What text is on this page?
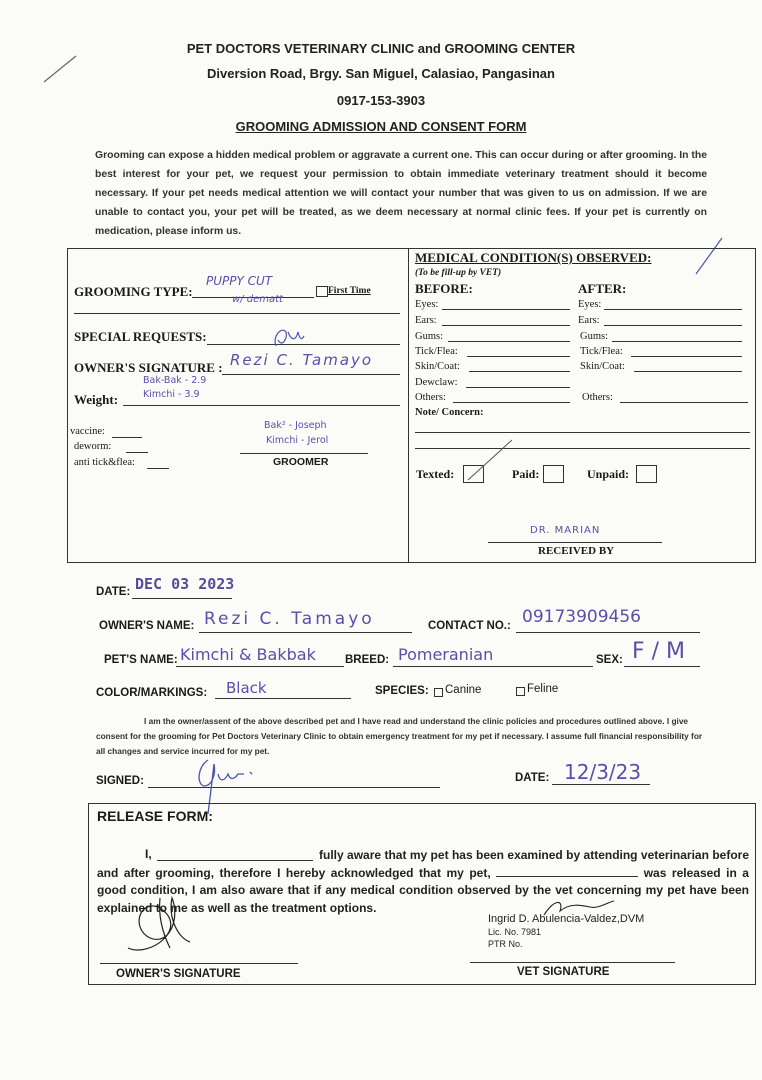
PET DOCTORS VETERINARY CLINIC and GROOMING CENTER
Diversion Road, Brgy. San Miguel, Calasiao, Pangasinan
0917-153-3903
GROOMING ADMISSION AND CONSENT FORM
Grooming can expose a hidden medical problem or aggravate a current one. This can occur during or after grooming. In the best interest for your pet, we request your permission to obtain immediate veterinary treatment should it become necessary. If your pet needs medical attention we will contact your number that was given to us on admission. If we are unable to contact you, your pet will be treated, as we deem necessary at normal clinic fees. If your pet is currently on medication, please inform us.
GROOMING TYPE:
PUPPY CUT
w/ dematt
First Time
SPECIAL REQUESTS:
OWNER'S SIGNATURE : Rezi C. Tamayo
Bak-Bak - 2.9
Kimchi - 3.9
Weight:
vaccine:
deworm:
anti tick&flea:
Bak² - Joseph
Kimchi - Jerol
GROOMER
MEDICAL CONDITION(S) OBSERVED:
(To be fill-up by VET)
BEFORE:	AFTER:
Eyes:	Eyes:
Ears:	Ears:
Gums:	Gums:
Tick/Flea:	Tick/Flea:
Skin/Coat:	Skin/Coat:
Dewclaw:
Others:	Others:
Note/ Concern:
Texted:	Paid:	Unpaid:
DR. MARIAN
RECEIVED BY
DATE: DEC 03 2023
OWNER'S NAME: Rezi C. Tamayo	CONTACT NO.: 09173909456
PET'S NAME: Kimchi & Bakbak	BREED: Pomeranian	SEX: F / M
COLOR/MARKINGS: Black	SPECIES: Canine	Feline
I am the owner/assent of the above described pet and I have read and understand the clinic policies and procedures outlined above. I give consent for the grooming for Pet Doctors Veterinary Clinic to obtain emergency treatment for my pet if necessary. I assume full financial responsibility for all changes and service incurred for my pet.
SIGNED:	DATE: 12/3/23
RELEASE FORM:
I,	fully aware that my pet has been examined by attending veterinarian before and after grooming, therefore I hereby acknowledged that my pet,	was released in a good condition, I am also aware that if any medical condition observed by the vet concerning my pet have been explained to me as well as the treatment options.
OWNER'S SIGNATURE
Ingrid D. Abulencia-Valdez,DVM
Lic. No. 7981
PTR No.
VET SIGNATURE
